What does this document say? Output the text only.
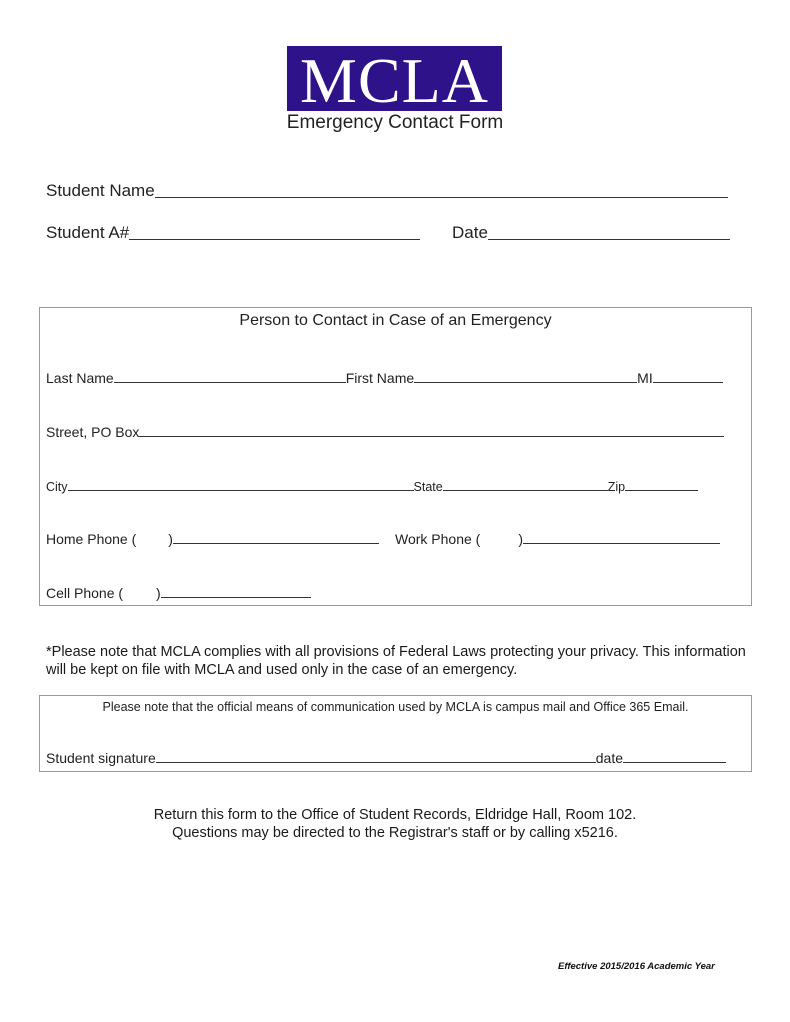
MCLA
Emergency Contact Form
Student Name
Student A#	Date
Person to Contact in Case of an Emergency
Last Name	First Name	MI
Street, PO Box
City	State	Zip
Home Phone ( )	Work Phone (	)
Cell Phone ( )
*Please note that MCLA complies with all provisions of Federal Laws protecting your privacy. This information will be kept on file with MCLA and used only in the case of an emergency.
Please note that the official means of communication used by MCLA is campus mail and Office 365 Email.
Student signature	date
Return this form to the Office of Student Records, Eldridge Hall, Room 102.
Questions may be directed to the Registrar's staff or by calling x5216.
Effective 2015/2016 Academic Year
